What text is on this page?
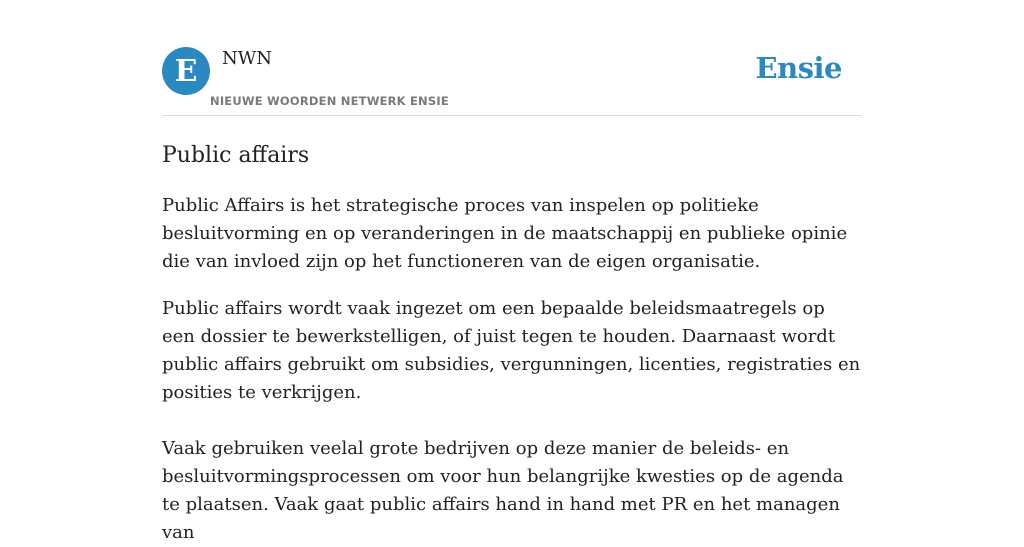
E NWN
NIEUWE WOORDEN NETWERK ENSIE
Ensie
Public affairs

Public Affairs is het strategische proces van inspelen op politieke besluitvorming en op veranderingen in de maatschappij en publieke opinie die van invloed zijn op het functioneren van de eigen organisatie.

Public affairs wordt vaak ingezet om een bepaalde beleidsmaatregels op een dossier te bewerkstelligen, of juist tegen te houden. Daarnaast wordt public affairs gebruikt om subsidies, vergunningen, licenties, registraties en posities te verkrijgen.

Vaak gebruiken veelal grote bedrijven op deze manier de beleids- en besluitvormingsprocessen om voor hun belangrijke kwesties op de agenda te plaatsen. Vaak gaat public affairs hand in hand met PR en het managen van
